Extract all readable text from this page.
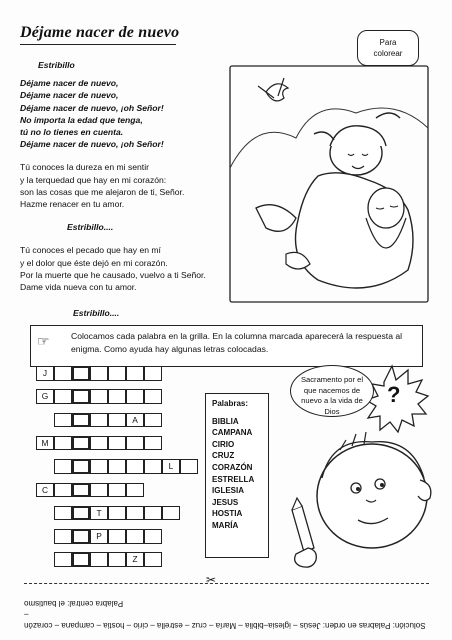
Déjame nacer de nuevo
Estribillo
Déjame nacer de nuevo,
Déjame nacer de nuevo,
Déjame nacer de nuevo, ¡oh Señor!
No importa la edad que tenga,
tú no lo tienes en cuenta.
Déjame nacer de nuevo, ¡oh Señor!
Tú conoces la dureza en mi sentir
y la terquedad que hay en mi corazón:
son las cosas que me alejaron de ti, Señor.
Hazme renacer en tu amor.
Estribillo....
Tú conoces el pecado que hay en mí
y el dolor que éste dejó en mi corazón.
Por la muerte que he causado, vuelvo a ti Señor.
Dame vida nueva con tu amor.
Estribillo....
Para
colorear
☞ Colocamos cada palabra en la grilla. En la columna marcada aparecerá la respuesta al enigma. Como ayuda hay algunas letras colocadas.
J
G
A
M
L
C
T
P
Z
Palabras:
BIBLIA
CAMPANA
CIRIO
CRUZ
CORAZÓN
ESTRELLA
IGLESIA
JESUS
HOSTIA
MARÍA
Sacramento por el que nacemos de nuevo a la vida de Dios
?
✂
Solución: Palabras en orden: Jesús – iglesia–biblia – María – cruz – estrella – cirio – hostia – campana – corazón –
Palabra central: el bautismo
